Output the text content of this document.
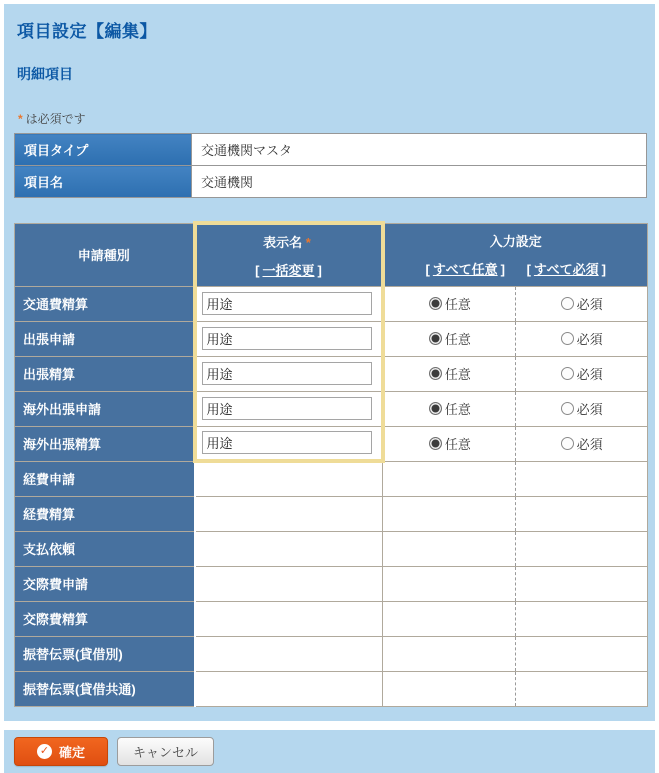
項目設定【編集】
明細項目
* は必須です
項目タイプ	交通機関マスタ
項目名	交通機関
申請種別

表示名 *
[ 一括変更 ]

入力設定
[ すべて任意 ] [ すべて必須 ]

交通費精算	
用途	任意 必須

出張申請	
用途	任意 必須

出張精算	
用途	任意 必須

海外出張申請	
用途	任意 必須

海外出張精算	
用途	任意 必須

経費申請	

経費精算	

支払依頼	

交際費申請	

交際費精算	

振替伝票(貸借別)	

振替伝票(貸借共通)	

✓ 確定	キャンセル
